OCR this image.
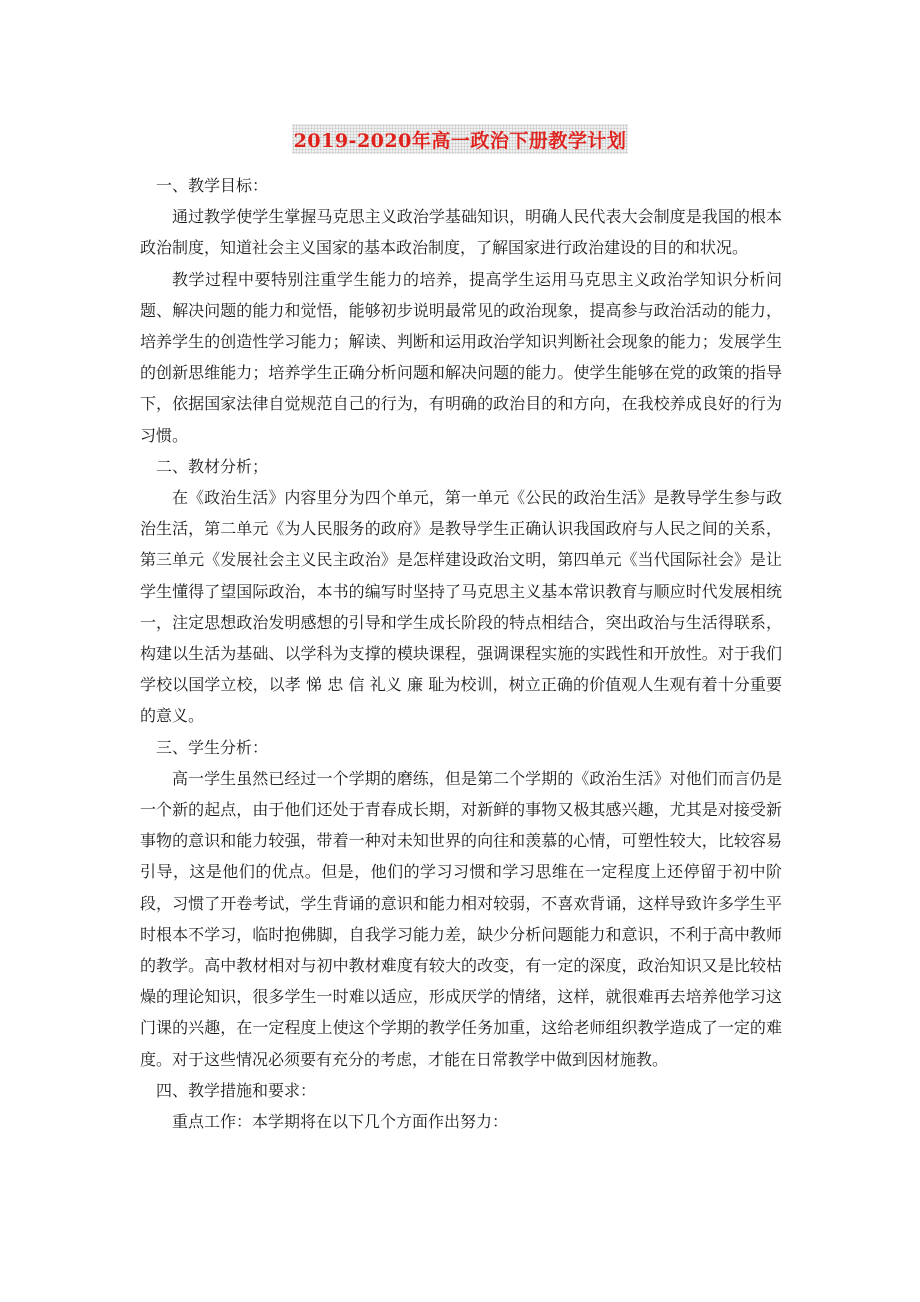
2019-2020年高一政治下册教学计划

一、教学目标：

通过教学使学生掌握马克思主义政治学基础知识，明确人民代表大会制度是我国的根本政治制度，知道社会主义国家的基本政治制度，了解国家进行政治建设的目的和状况。

教学过程中要特别注重学生能力的培养，提高学生运用马克思主义政治学知识分析问题、解决问题的能力和觉悟，能够初步说明最常见的政治现象，提高参与政治活动的能力，培养学生的创造性学习能力；解读、判断和运用政治学知识判断社会现象的能力；发展学生的创新思维能力；培养学生正确分析问题和解决问题的能力。使学生能够在党的政策的指导下，依据国家法律自觉规范自己的行为，有明确的政治目的和方向，在我校养成良好的行为习惯。

二、教材分析；

在《政治生活》内容里分为四个单元，第一单元《公民的政治生活》是教导学生参与政治生活，第二单元《为人民服务的政府》是教导学生正确认识我国政府与人民之间的关系，第三单元《发展社会主义民主政治》是怎样建设政治文明，第四单元《当代国际社会》是让学生懂得了望国际政治，本书的编写时坚持了马克思主义基本常识教育与顺应时代发展相统一，注定思想政治发明感想的引导和学生成长阶段的特点相结合，突出政治与生活得联系，构建以生活为基础、以学科为支撑的模块课程，强调课程实施的实践性和开放性。对于我们学校以国学立校，以孝 悌 忠 信 礼义 廉 耻为校训，树立正确的价值观人生观有着十分重要的意义。

三、学生分析：

高一学生虽然已经过一个学期的磨练，但是第二个学期的《政治生活》对他们而言仍是一个新的起点，由于他们还处于青春成长期，对新鲜的事物又极其感兴趣，尤其是对接受新事物的意识和能力较强，带着一种对未知世界的向往和羡慕的心情，可塑性较大，比较容易引导，这是他们的优点。但是，他们的学习习惯和学习思维在一定程度上还停留于初中阶段，习惯了开卷考试，学生背诵的意识和能力相对较弱，不喜欢背诵，这样导致许多学生平时根本不学习，临时抱佛脚，自我学习能力差，缺少分析问题能力和意识，不利于高中教师的教学。高中教材相对与初中教材难度有较大的改变，有一定的深度，政治知识又是比较枯燥的理论知识，很多学生一时难以适应，形成厌学的情绪，这样，就很难再去培养他学习这门课的兴趣，在一定程度上使这个学期的教学任务加重，这给老师组织教学造成了一定的难度。对于这些情况必须要有充分的考虑，才能在日常教学中做到因材施教。

四、教学措施和要求：

重点工作：本学期将在以下几个方面作出努力：
